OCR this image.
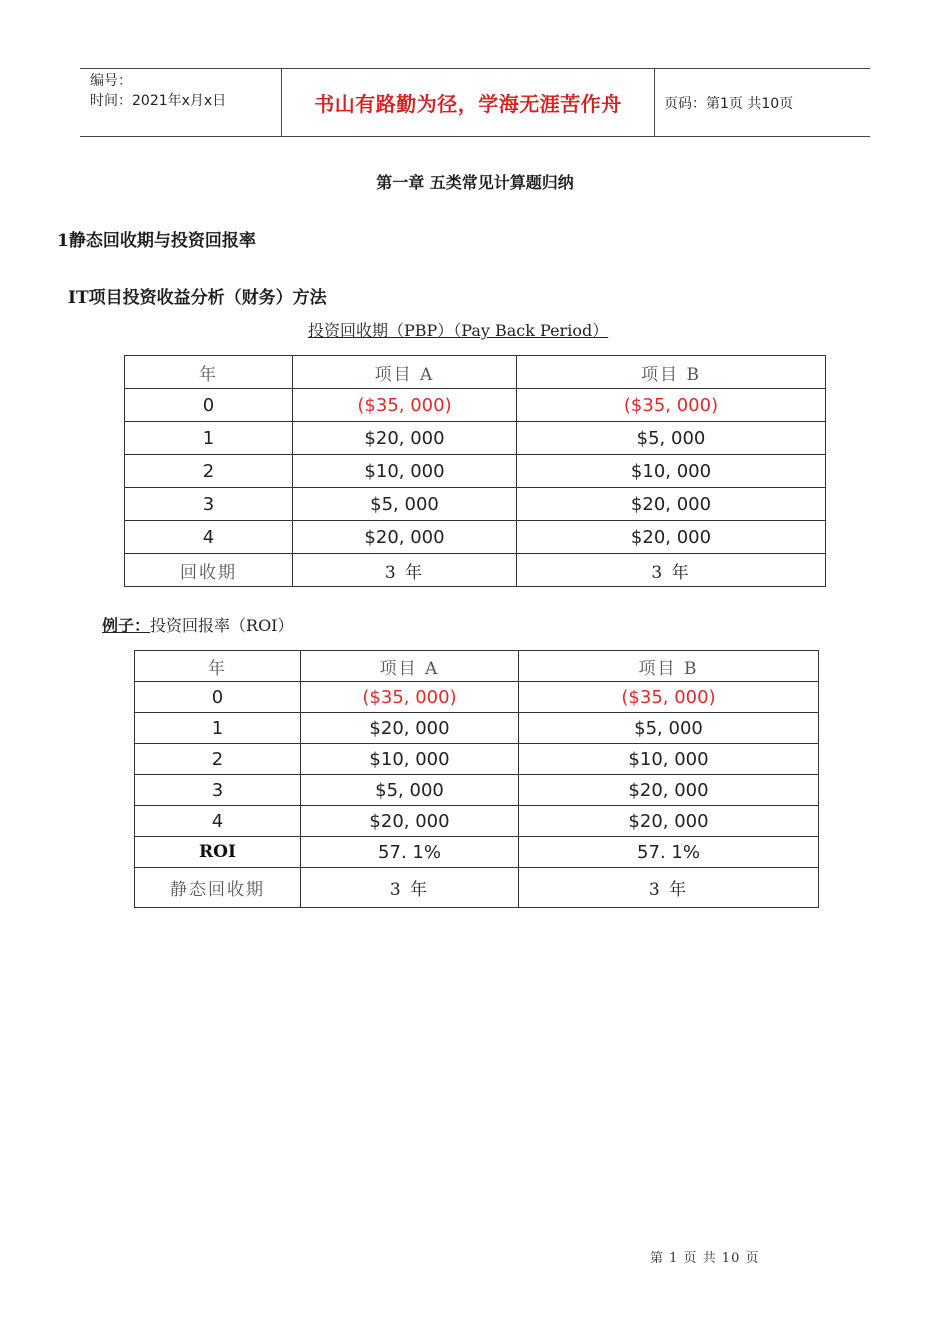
编号：
时间：2021年x月x日	书山有路勤为径，学海无涯苦作舟	页码：第1页 共10页
第一章 五类常见计算题归纳
1静态回收期与投资回报率
IT项目投资收益分析（财务）方法
投资回收期（PBP）（Pay Back Period）
年	项目 A	项目 B
0	($35, 000)	($35, 000)
1	$20, 000	$5, 000
2	$10, 000	$10, 000
3	$5, 000	$20, 000
4	$20, 000	$20, 000
回收期	3 年	3 年
例子：投资回报率（ROI）
年	项目 A	项目 B
0	($35, 000)	($35, 000)
1	$20, 000	$5, 000
2	$10, 000	$10, 000
3	$5, 000	$20, 000
4	$20, 000	$20, 000
ROI	57. 1%	57. 1%
静态回收期	3 年	3 年
第 1 页 共 10 页
